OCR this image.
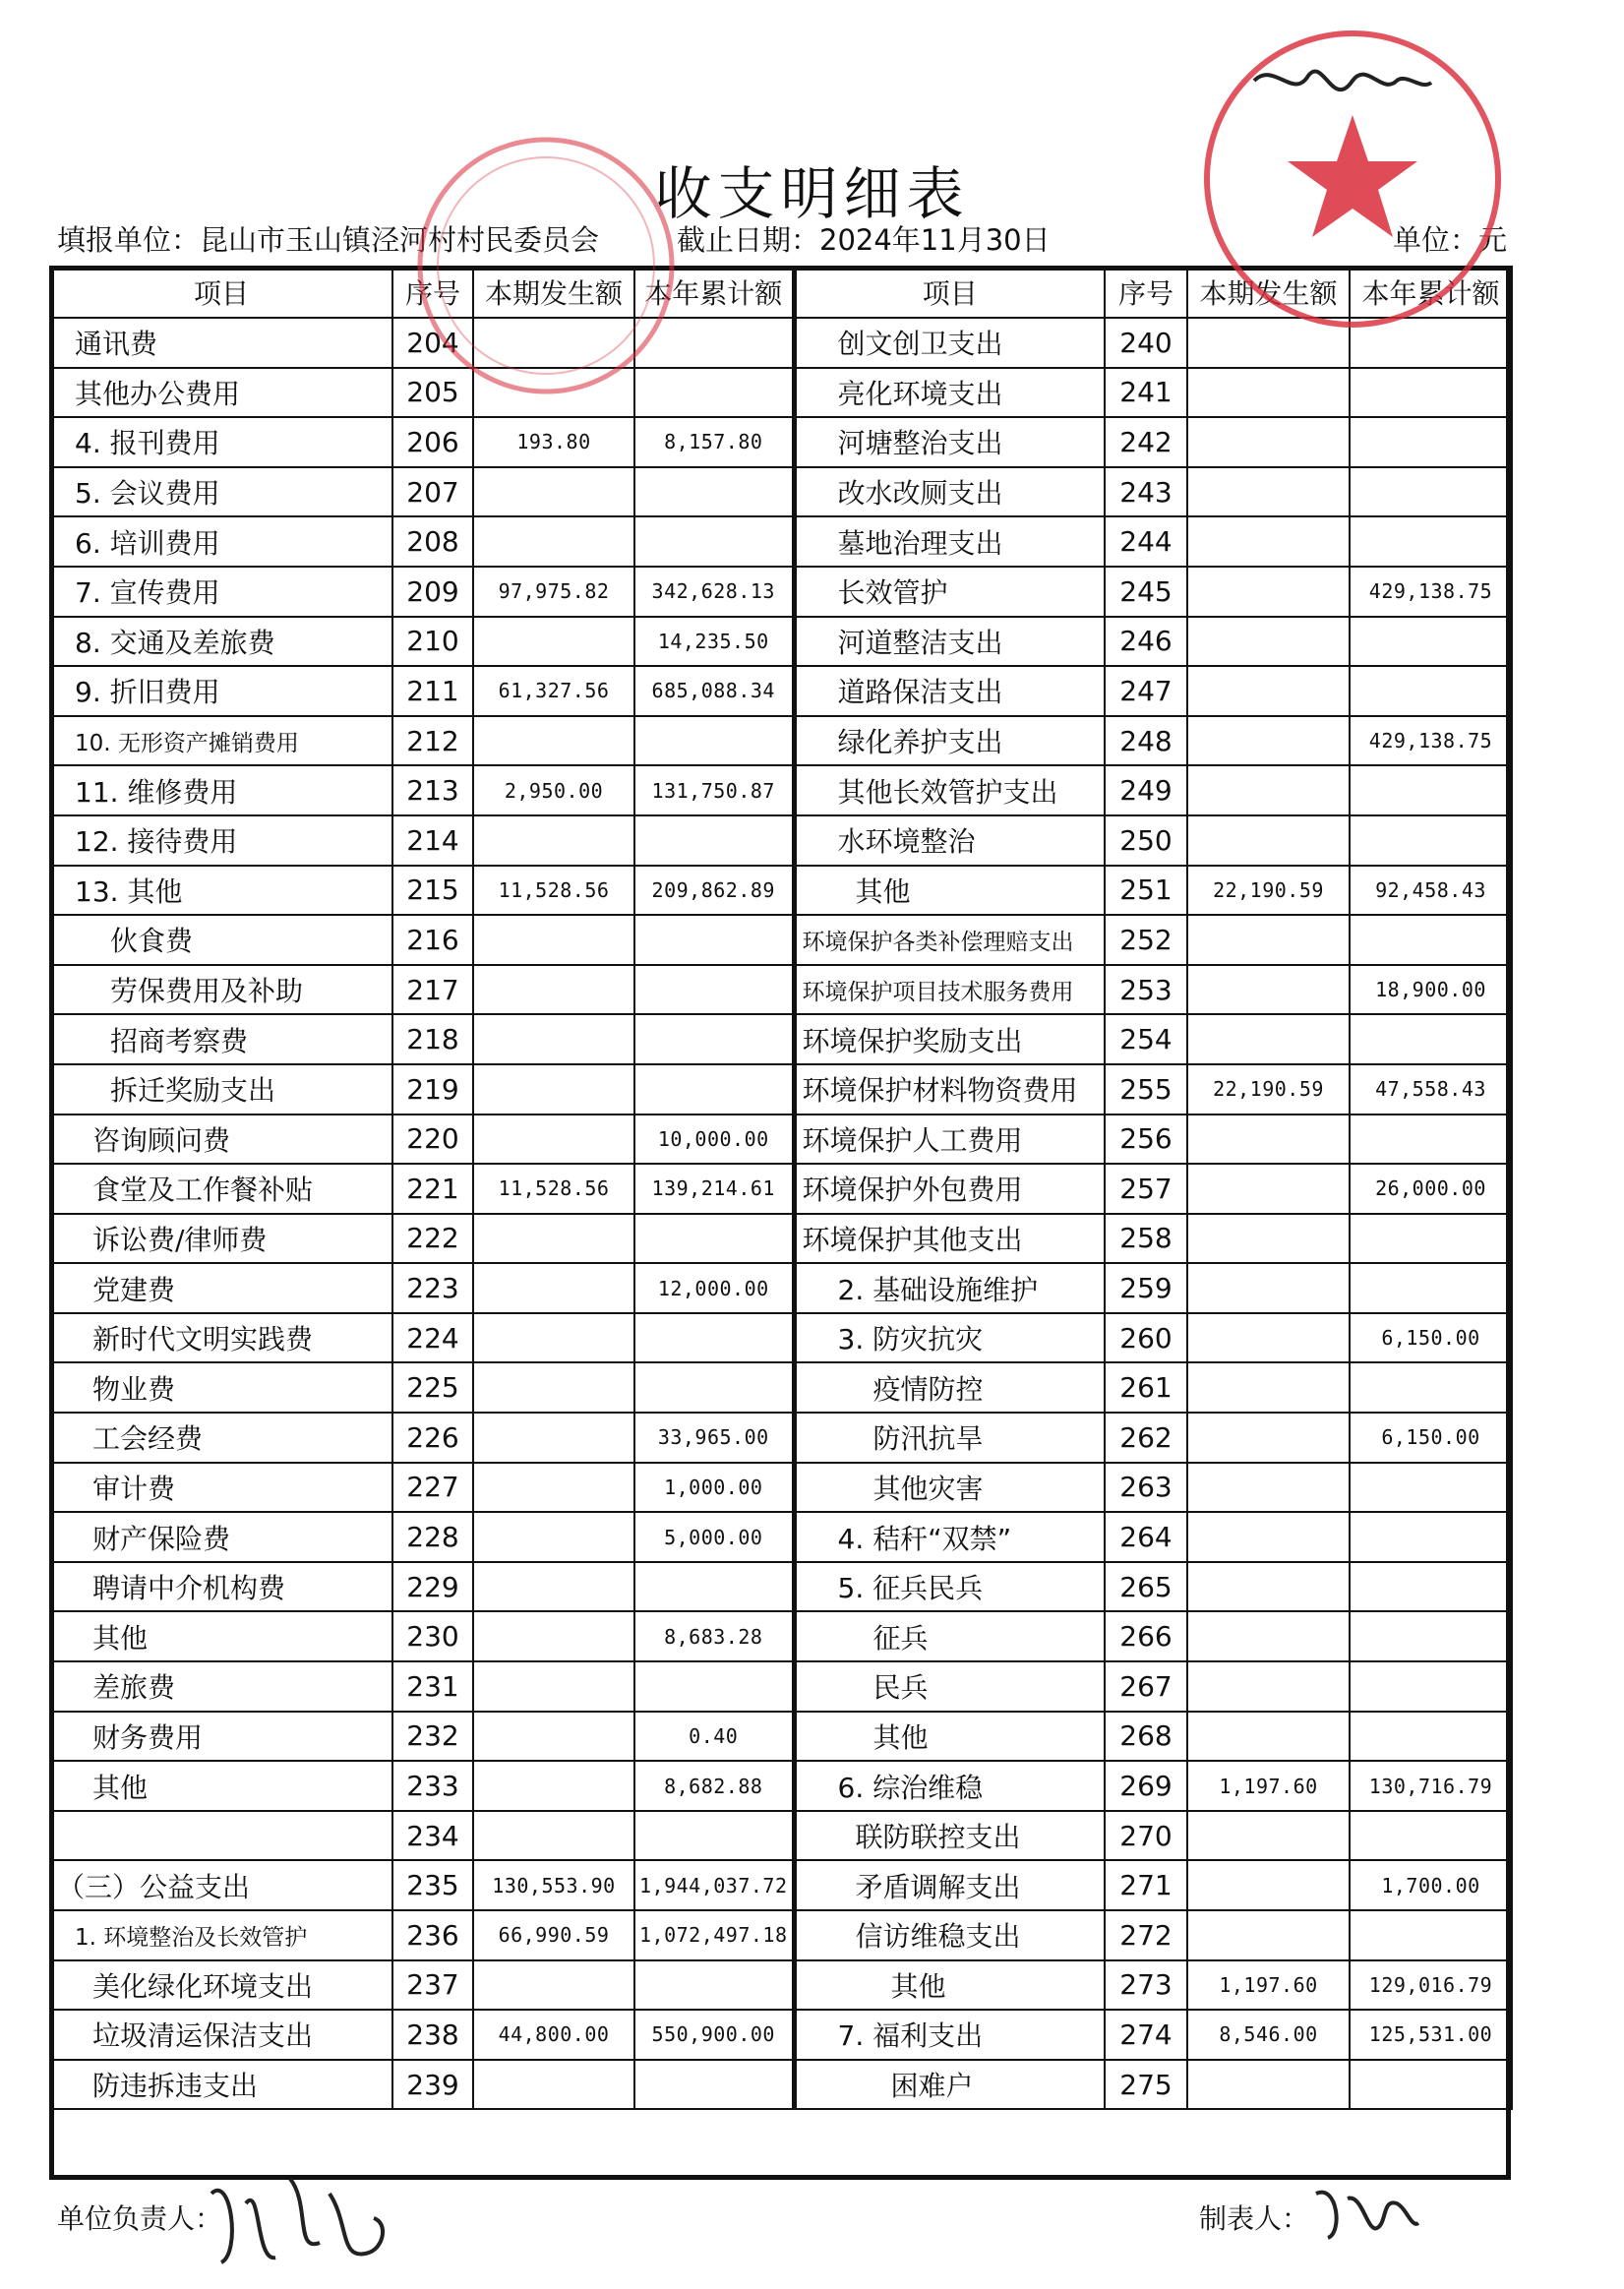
收支明细表
填报单位：昆山市玉山镇泾河村村民委员会	截止日期：2024年11月30日	单位：元
项目	序号	本期发生额	本年累计额	项目	序号	本期发生额	本年累计额
通讯费	204			创文创卫支出	240		
其他办公费用	205			亮化环境支出	241		
4. 报刊费用	206	193.80	8,157.80	河塘整治支出	242		
5. 会议费用	207			改水改厕支出	243		
6. 培训费用	208			墓地治理支出	244		
7. 宣传费用	209	97,975.82	342,628.13	长效管护	245		429,138.75
8. 交通及差旅费	210		14,235.50	河道整洁支出	246		
9. 折旧费用	211	61,327.56	685,088.34	道路保洁支出	247		
10. 无形资产摊销费用	212			绿化养护支出	248		429,138.75
11. 维修费用	213	2,950.00	131,750.87	其他长效管护支出	249		
12. 接待费用	214			水环境整治	250		
13. 其他	215	11,528.56	209,862.89	其他	251	22,190.59	92,458.43
伙食费	216			环境保护各类补偿理赔支出	252		
劳保费用及补助	217			环境保护项目技术服务费用	253		18,900.00
招商考察费	218			环境保护奖励支出	254		
拆迁奖励支出	219			环境保护材料物资费用	255	22,190.59	47,558.43
咨询顾问费	220		10,000.00	环境保护人工费用	256		
食堂及工作餐补贴	221	11,528.56	139,214.61	环境保护外包费用	257		26,000.00
诉讼费/律师费	222			环境保护其他支出	258		
党建费	223		12,000.00	2. 基础设施维护	259		
新时代文明实践费	224			3. 防灾抗灾	260		6,150.00
物业费	225			疫情防控	261		
工会经费	226		33,965.00	防汛抗旱	262		6,150.00
审计费	227		1,000.00	其他灾害	263		
财产保险费	228		5,000.00	4. 秸秆“双禁”	264		
聘请中介机构费	229			5. 征兵民兵	265		
其他	230		8,683.28	征兵	266		
差旅费	231			民兵	267		
财务费用	232		0.40	其他	268		
其他	233		8,682.88	6. 综治维稳	269	1,197.60	130,716.79
	234			联防联控支出	270		
（三）公益支出	235	130,553.90	1,944,037.72	矛盾调解支出	271		1,700.00
1. 环境整治及长效管护	236	66,990.59	1,072,497.18	信访维稳支出	272		
美化绿化环境支出	237			其他	273	1,197.60	129,016.79
垃圾清运保洁支出	238	44,800.00	550,900.00	7. 福利支出	274	8,546.00	125,531.00
防违拆违支出	239			困难户	275		
单位负责人：	制表人：
